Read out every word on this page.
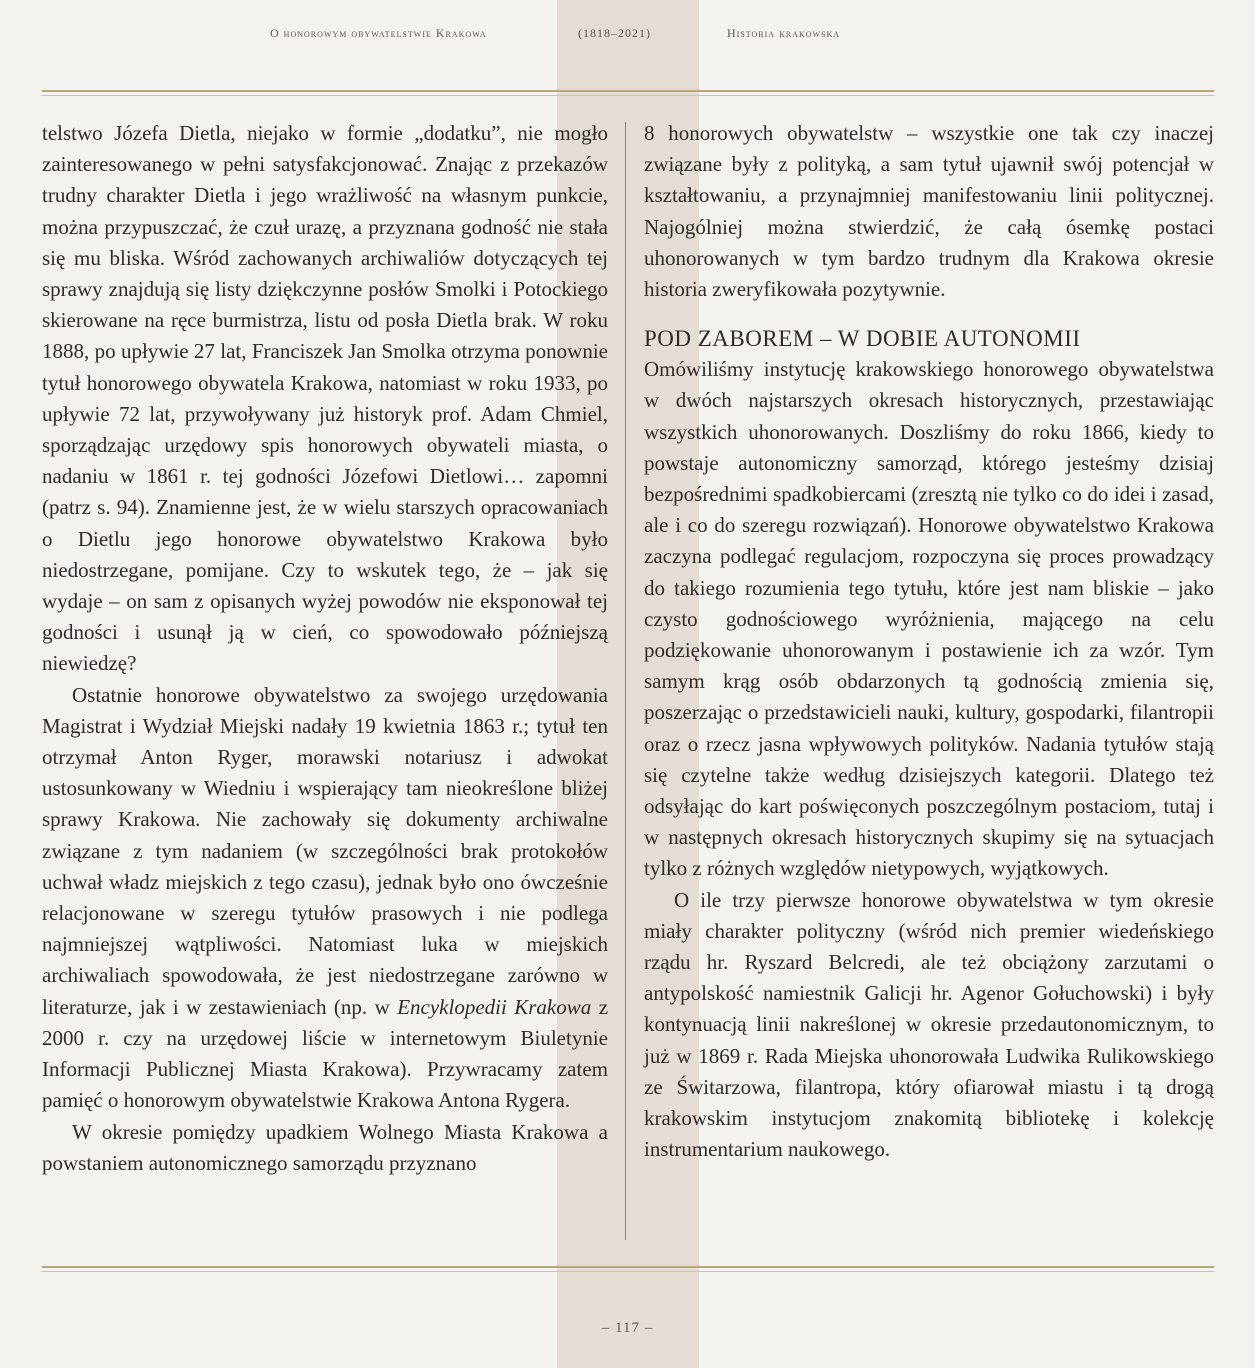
O honorowym obywatelstwie Krakowa	(1818–2021)	Historia krakowska

telstwo Józefa Dietla, niejako w formie „dodatku”, nie mogło zainteresowanego w pełni satysfakcjonować. Znając z przekazów trudny charakter Dietla i jego wrażliwość na własnym punkcie, można przypuszczać, że czuł urazę, a przyznana godność nie stała się mu bliska. Wśród zachowanych archiwaliów dotyczących tej sprawy znajdują się listy dziękczynne posłów Smolki i Potockiego skierowane na ręce burmistrza, listu od posła Dietla brak. W roku 1888, po upływie 27 lat, Franciszek Jan Smolka otrzyma ponownie tytuł honorowego obywatela Krakowa, natomiast w roku 1933, po upływie 72 lat, przywoływany już historyk prof. Adam Chmiel, sporządzając urzędowy spis honorowych obywateli miasta, o nadaniu w 1861 r. tej godności Józefowi Dietlowi… zapomni (patrz s. 94). Znamienne jest, że w wielu starszych opracowaniach o Dietlu jego honorowe obywatelstwo Krakowa było niedostrzegane, pomijane. Czy to wskutek tego, że – jak się wydaje – on sam z opisanych wyżej powodów nie eksponował tej godności i usunął ją w cień, co spowodowało późniejszą niewiedzę?

Ostatnie honorowe obywatelstwo za swojego urzędowania Magistrat i Wydział Miejski nadały 19 kwietnia 1863 r.; tytuł ten otrzymał Anton Ryger, morawski notariusz i adwokat ustosunkowany w Wiedniu i wspierający tam nieokreślone bliżej sprawy Krakowa. Nie zachowały się dokumenty archiwalne związane z tym nadaniem (w szczególności brak protokołów uchwał władz miejskich z tego czasu), jednak było ono ówcześnie relacjonowane w szeregu tytułów prasowych i nie podlega najmniejszej wątpliwości. Natomiast luka w miejskich archiwaliach spowodowała, że jest niedostrzegane zarówno w literaturze, jak i w zestawieniach (np. w Encyklopedii Krakowa z 2000 r. czy na urzędowej liście w internetowym Biuletynie Informacji Publicznej Miasta Krakowa). Przywracamy zatem pamięć o honorowym obywatelstwie Krakowa Antona Rygera.

W okresie pomiędzy upadkiem Wolnego Miasta Krakowa a powstaniem autonomicznego samorządu przyznano

8 honorowych obywatelstw – wszystkie one tak czy inaczej związane były z polityką, a sam tytuł ujawnił swój potencjał w kształtowaniu, a przynajmniej manifestowaniu linii politycznej. Najogólniej można stwierdzić, że całą ósemkę postaci uhonorowanych w tym bardzo trudnym dla Krakowa okresie historia zweryfikowała pozytywnie.

POD ZABOREM – W DOBIE AUTONOMII

Omówiliśmy instytucję krakowskiego honorowego obywatelstwa w dwóch najstarszych okresach historycznych, przestawiając wszystkich uhonorowanych. Doszliśmy do roku 1866, kiedy to powstaje autonomiczny samorząd, którego jesteśmy dzisiaj bezpośrednimi spadkobiercami (zresztą nie tylko co do idei i zasad, ale i co do szeregu rozwiązań). Honorowe obywatelstwo Krakowa zaczyna podlegać regulacjom, rozpoczyna się proces prowadzący do takiego rozumienia tego tytułu, które jest nam bliskie – jako czysto godnościowego wyróżnienia, mającego na celu podziękowanie uhonorowanym i postawienie ich za wzór. Tym samym krąg osób obdarzonych tą godnością zmienia się, poszerzając o przedstawicieli nauki, kultury, gospodarki, filantropii oraz o rzecz jasna wpływowych polityków. Nadania tytułów stają się czytelne także według dzisiejszych kategorii. Dlatego też odsyłając do kart poświęconych poszczególnym postaciom, tutaj i w następnych okresach historycznych skupimy się na sytuacjach tylko z różnych względów nietypowych, wyjątkowych.

O ile trzy pierwsze honorowe obywatelstwa w tym okresie miały charakter polityczny (wśród nich premier wiedeńskiego rządu hr. Ryszard Belcredi, ale też obciążony zarzutami o antypolskość namiestnik Galicji hr. Agenor Gołuchowski) i były kontynuacją linii nakreślonej w okresie przedautonomicznym, to już w 1869 r. Rada Miejska uhonorowała Ludwika Rulikowskiego ze Świtarzowa, filantropa, który ofiarował miastu i tą drogą krakowskim instytucjom znakomitą bibliotekę i kolekcję instrumentarium naukowego.

– 117 –
